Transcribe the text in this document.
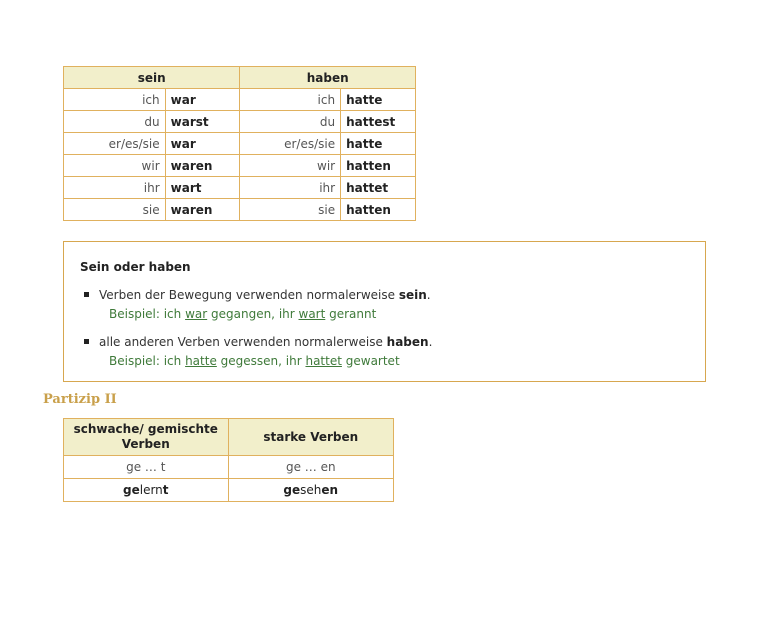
sein		haben	
ich	war	ich	hatte
du	warst	du	hattest
er/es/sie	war	er/es/sie	hatte
wir	waren	wir	hatten
ihr	wart	ihr	hattet
sie	waren	sie	hatten
Sein oder haben
Verben der Bewegung verwenden normalerweise sein.
Beispiel: ich war gegangen, ihr wart gerannt
alle anderen Verben verwenden normalerweise haben.
Beispiel: ich hatte gegessen, ihr hattet gewartet
Partizip II
schwache/ gemischte Verben	starke Verben
ge … t	ge … en
gelernt	gesehen
